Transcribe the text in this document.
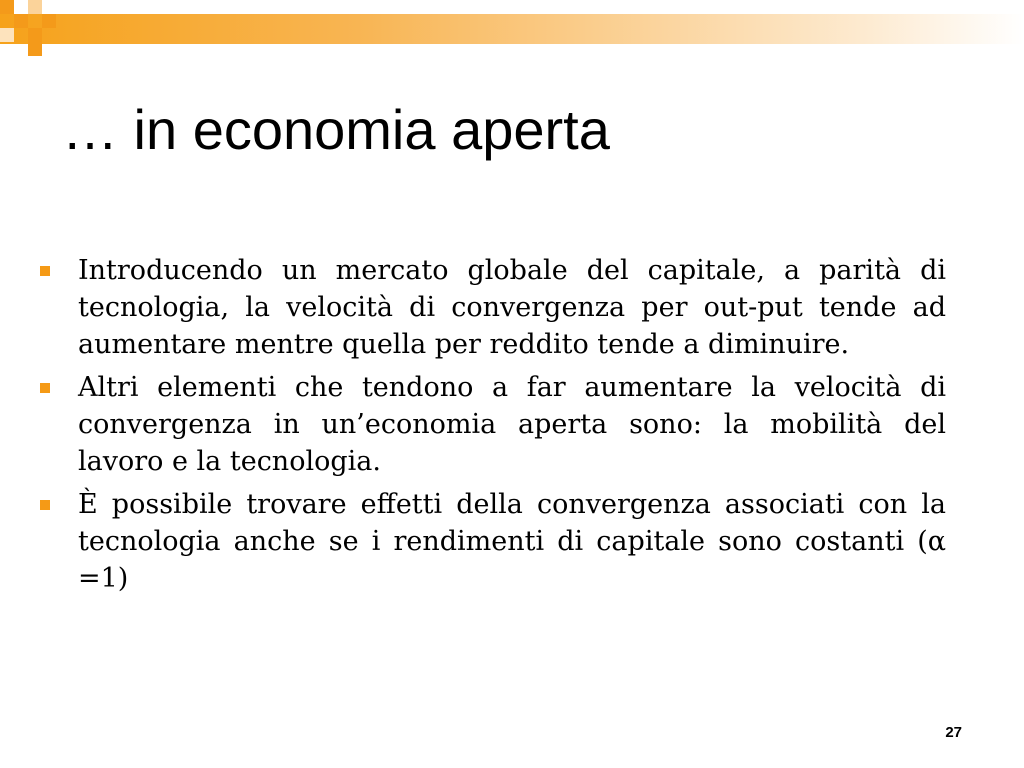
… in economia aperta
Introducendo un mercato globale del capitale, a parità di tecnologia, la velocità di convergenza per out-put tende ad aumentare mentre quella per reddito tende a diminuire.
Altri elementi che tendono a far aumentare la velocità di convergenza in un’economia aperta sono: la mobilità del lavoro e la tecnologia.
È possibile trovare effetti della convergenza associati con la tecnologia anche se i rendimenti di capitale sono costanti (α =1)
27
